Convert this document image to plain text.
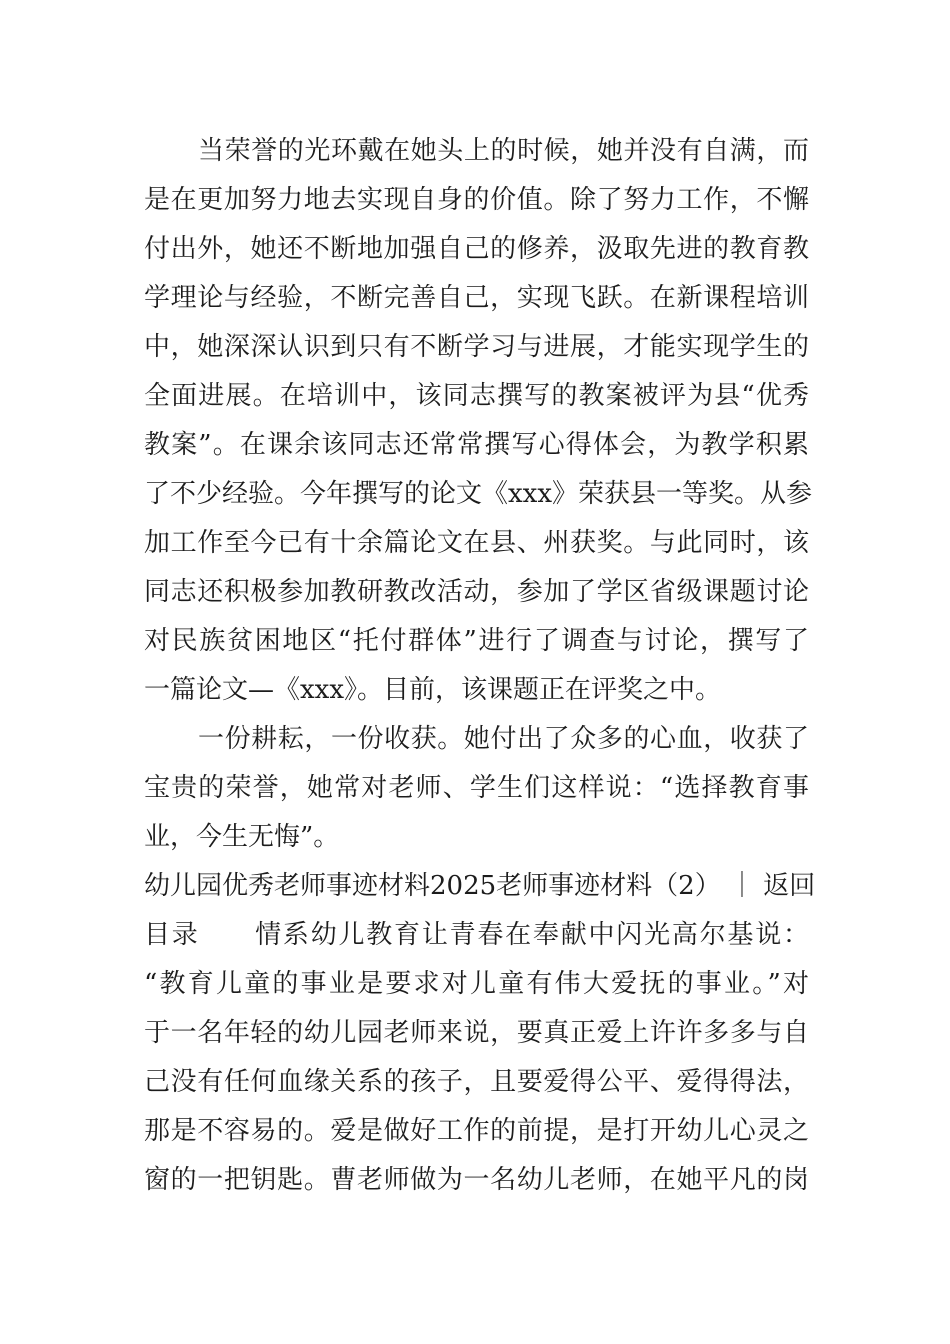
当荣誉的光环戴在她头上的时候，她并没有自满，而
是在更加努力地去实现自身的价值。除了努力工作，不懈
付出外，她还不断地加强自己的修养，汲取先进的教育教
学理论与经验，不断完善自己，实现飞跃。在新课程培训
中，她深深认识到只有不断学习与进展，才能实现学生的
全面进展。在培训中，该同志撰写的教案被评为县“优秀
教案”。在课余该同志还常常撰写心得体会，为教学积累
了不少经验。今年撰写的论文《xxx》荣获县一等奖。从参
加工作至今已有十余篇论文在县、州获奖。与此同时，该
同志还积极参加教研教改活动，参加了学区省级课题讨论
对民族贫困地区“托付群体”进行了调查与讨论，撰写了
一篇论文—《xxx》。目前，该课题正在评奖之中。
一份耕耘，一份收获。她付出了众多的心血，收获了
宝贵的荣誉，她常对老师、学生们这样说：“选择教育事
业，今生无悔”。
幼儿园优秀老师事迹材料2025老师事迹材料（2） ｜ 返回
目录　　情系幼儿教育让青春在奉献中闪光高尔基说：
“教育儿童的事业是要求对儿童有伟大爱抚的事业。”对
于一名年轻的幼儿园老师来说，要真正爱上许许多多与自
己没有任何血缘关系的孩子，且要爱得公平、爱得得法，
那是不容易的。爱是做好工作的前提，是打开幼儿心灵之
窗的一把钥匙。曹老师做为一名幼儿老师，在她平凡的岗
